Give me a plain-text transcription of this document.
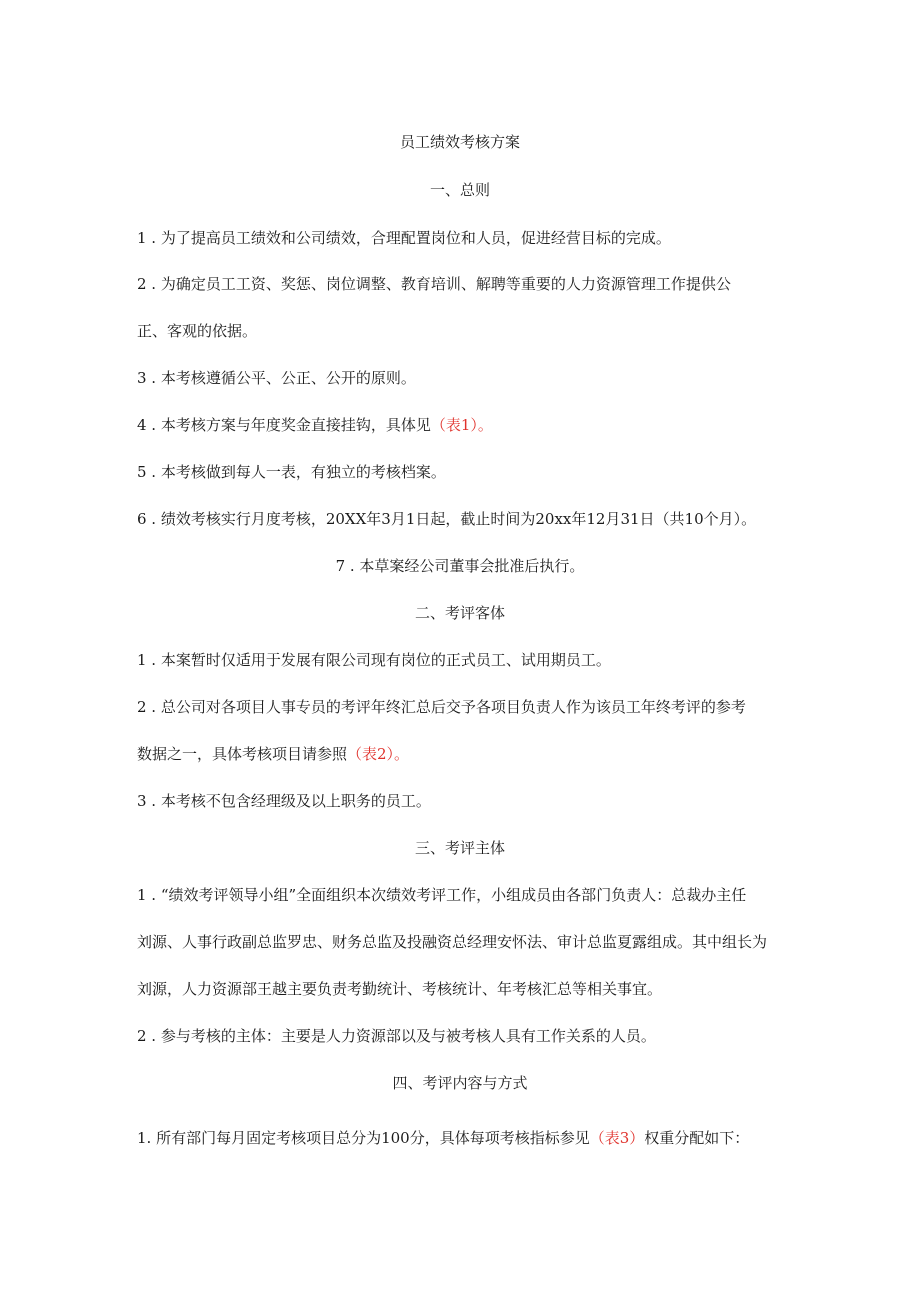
员工绩效考核方案
一、总则
1 . 为了提高员工绩效和公司绩效，合理配置岗位和人员，促进经营目标的完成。
2 . 为确定员工工资、奖惩、岗位调整、教育培训、解聘等重要的人力资源管理工作提供公
正、客观的依据。
3 . 本考核遵循公平、公正、公开的原则。
4 . 本考核方案与年度奖金直接挂钩，具体见（表1）。
5 . 本考核做到每人一表，有独立的考核档案。
6 . 绩效考核实行月度考核，20XX年3月1日起，截止时间为20xx年12月31日（共10个月）。
7 . 本草案经公司董事会批准后执行。
二、考评客体
1 . 本案暂时仅适用于发展有限公司现有岗位的正式员工、试用期员工。
2 . 总公司对各项目人事专员的考评年终汇总后交予各项目负责人作为该员工年终考评的参考
数据之一，具体考核项目请参照（表2）。
3 . 本考核不包含经理级及以上职务的员工。
三、考评主体
1 . “绩效考评领导小组”全面组织本次绩效考评工作，小组成员由各部门负责人：总裁办主任
刘源、人事行政副总监罗忠、财务总监及投融资总经理安怀法、审计总监夏露组成。其中组长为
刘源，人力资源部王越主要负责考勤统计、考核统计、年考核汇总等相关事宜。
2 . 参与考核的主体：主要是人力资源部以及与被考核人具有工作关系的人员。
四、考评内容与方式
1. 所有部门每月固定考核项目总分为100分，具体每项考核指标参见（表3）权重分配如下：
